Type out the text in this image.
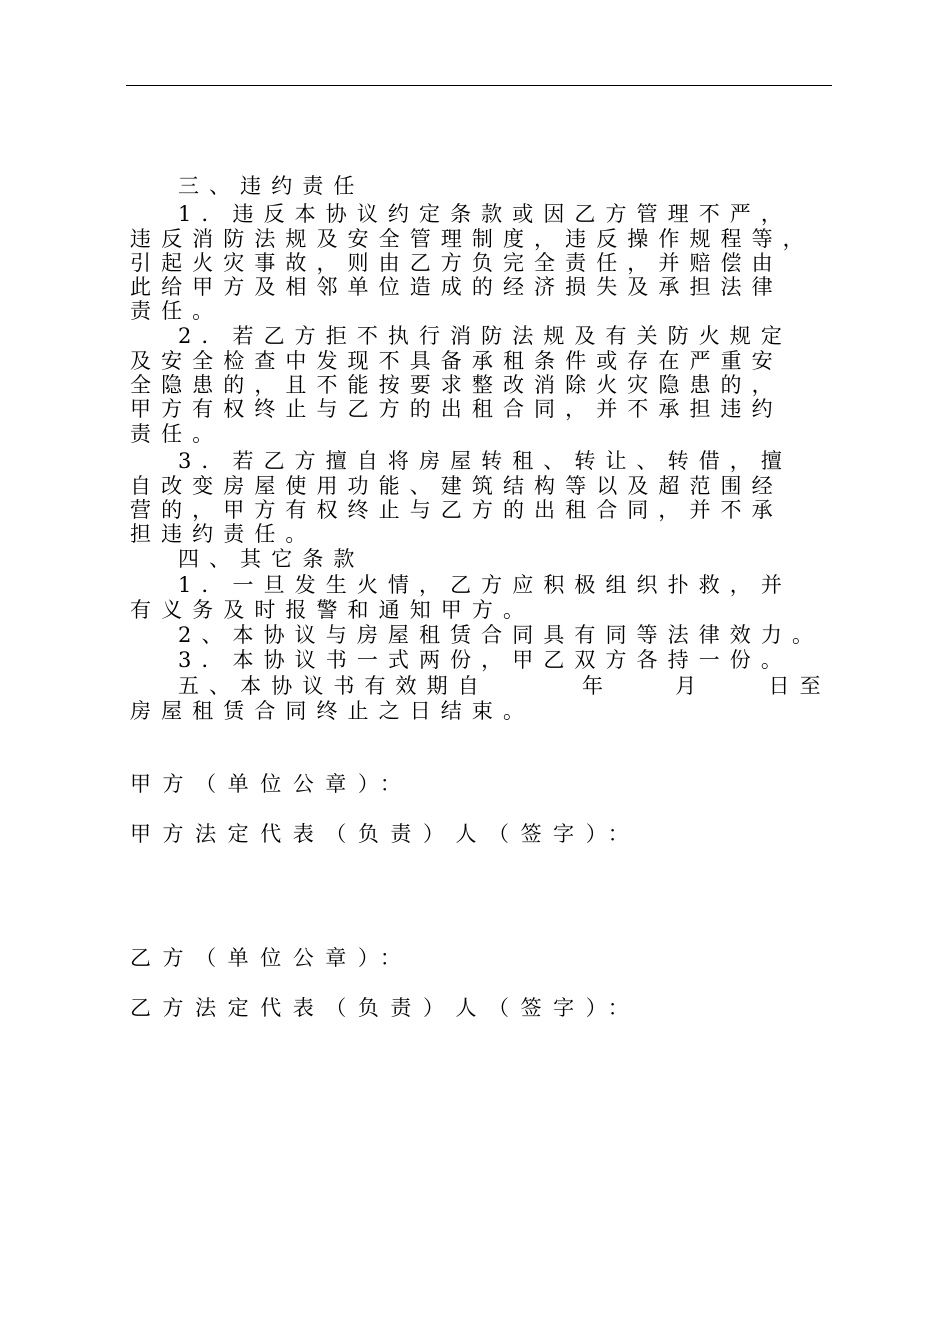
三、违约责任
1．违反本协议约定条款或因乙方管理不严，
违反消防法规及安全管理制度，违反操作规程等，
引起火灾事故，则由乙方负完全责任，并赔偿由
此给甲方及相邻单位造成的经济损失及承担法律
责任。
2．若乙方拒不执行消防法规及有关防火规定
及安全检查中发现不具备承租条件或存在严重安
全隐患的，且不能按要求整改消除火灾隐患的，
甲方有权终止与乙方的出租合同，并不承担违约
责任。
3．若乙方擅自将房屋转租、转让、转借，擅
自改变房屋使用功能、建筑结构等以及超范围经
营的，甲方有权终止与乙方的出租合同，并不承
担违约责任。
四、其它条款
1．一旦发生火情，乙方应积极组织扑救，并
有义务及时报警和通知甲方。
2、本协议与房屋租赁合同具有同等法律效力。
3．本协议书一式两份，甲乙双方各持一份。
五、本协议书有效期自　　　年　　月　　日至
房屋租赁合同终止之日结束。
甲方（单位公章）：
甲方法定代表（负责）人（签字）：
乙方（单位公章）：
乙方法定代表（负责）人（签字）：
